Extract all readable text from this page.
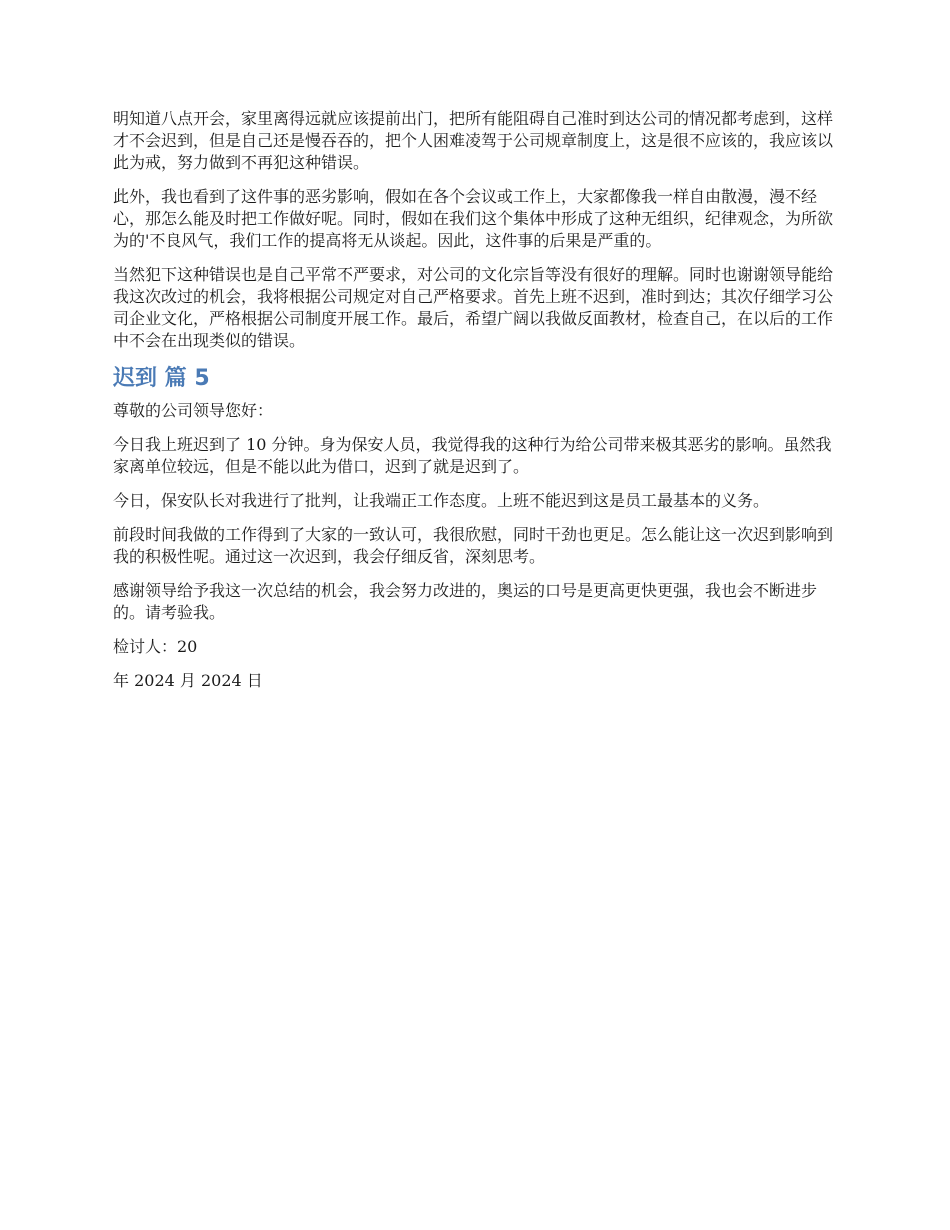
明知道八点开会，家里离得远就应该提前出门，把所有能阻碍自己准时到达公司的情况都考虑到，这样才不会迟到，但是自己还是慢吞吞的，把个人困难凌驾于公司规章制度上，这是很不应该的，我应该以此为戒，努力做到不再犯这种错误。

此外，我也看到了这件事的恶劣影响，假如在各个会议或工作上，大家都像我一样自由散漫，漫不经心，那怎么能及时把工作做好呢。同时，假如在我们这个集体中形成了这种无组织，纪律观念，为所欲为的'不良风气，我们工作的提高将无从谈起。因此，这件事的后果是严重的。

当然犯下这种错误也是自己平常不严要求，对公司的文化宗旨等没有很好的理解。同时也谢谢领导能给我这次改过的机会，我将根据公司规定对自己严格要求。首先上班不迟到，准时到达；其次仔细学习公司企业文化，严格根据公司制度开展工作。最后，希望广阔以我做反面教材，检查自己，在以后的工作中不会在出现类似的错误。

迟到 篇 5

尊敬的公司领导您好：

今日我上班迟到了 10 分钟。身为保安人员，我觉得我的这种行为给公司带来极其恶劣的影响。虽然我家离单位较远，但是不能以此为借口，迟到了就是迟到了。

今日，保安队长对我进行了批判，让我端正工作态度。上班不能迟到这是员工最基本的义务。

前段时间我做的工作得到了大家的一致认可，我很欣慰，同时干劲也更足。怎么能让这一次迟到影响到我的积极性呢。通过这一次迟到，我会仔细反省，深刻思考。

感谢领导给予我这一次总结的机会，我会努力改进的，奥运的口号是更高更快更强，我也会不断进步的。请考验我。

检讨人：20

年 2024 月 2024 日
